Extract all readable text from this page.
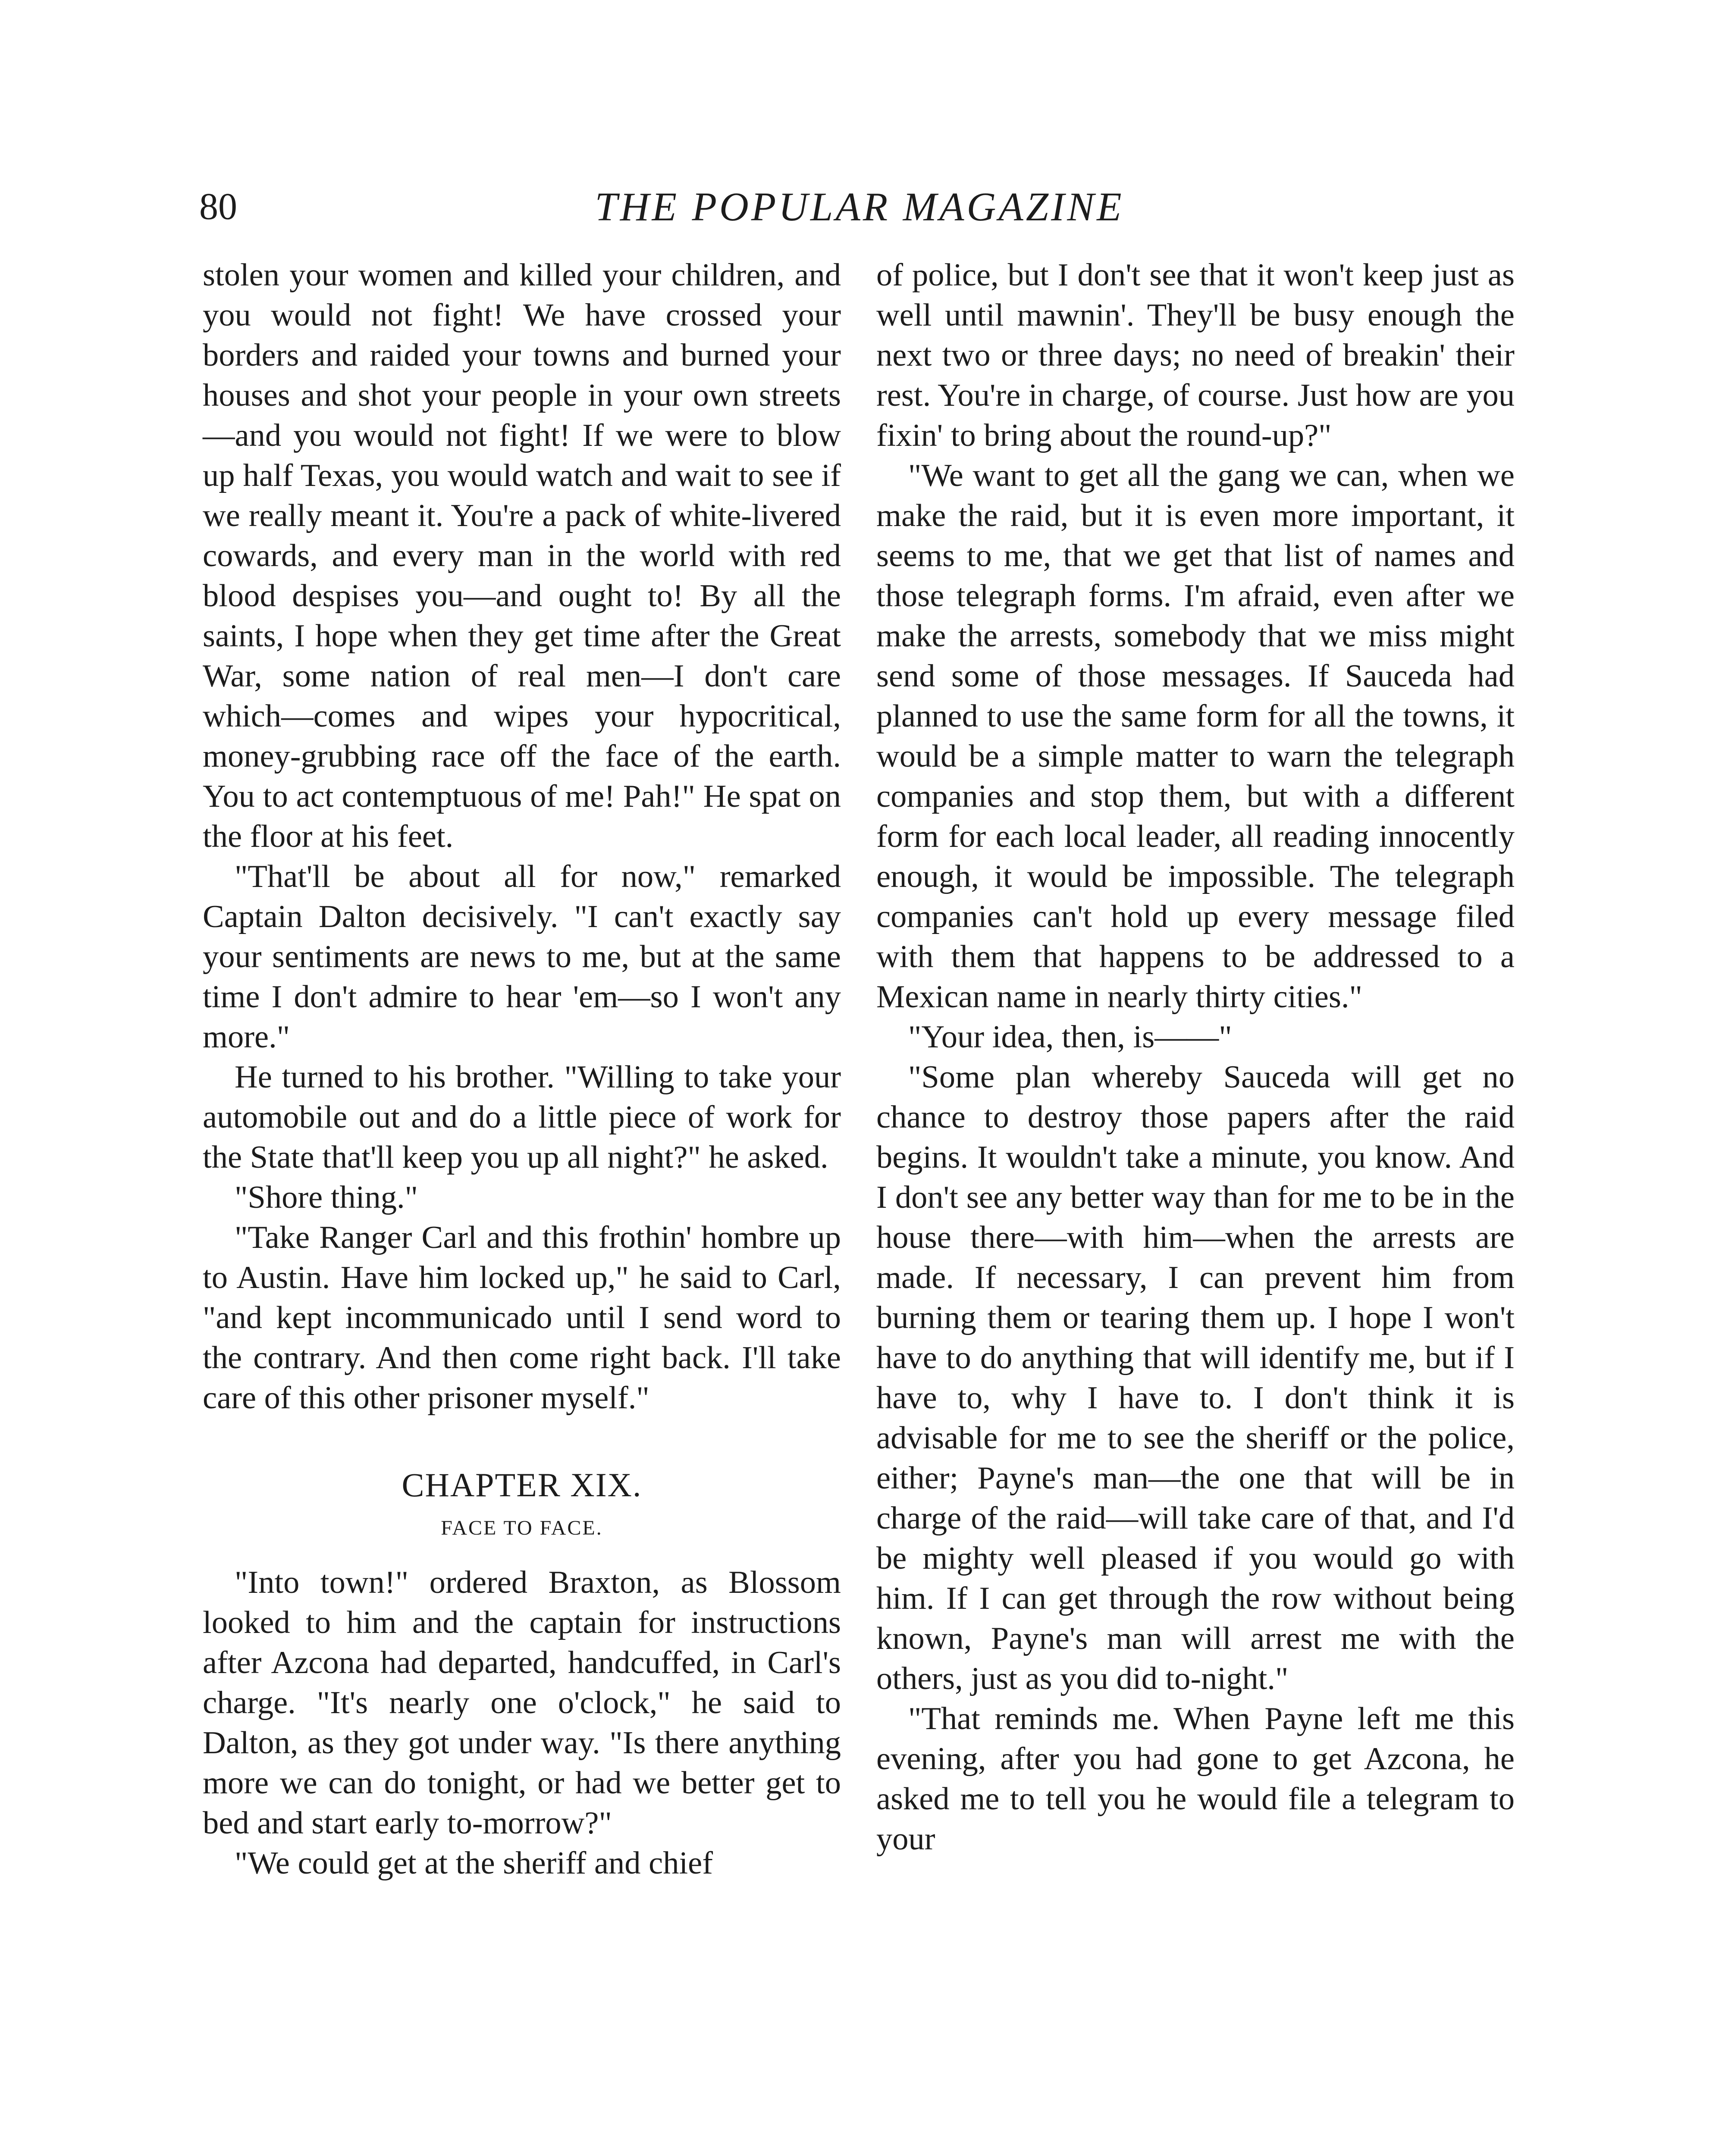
80	THE POPULAR MAGAZINE

stolen your women and killed your children, and you would not fight! We have crossed your borders and raided your towns and burned your houses and shot your people in your own streets—and you would not fight! If we were to blow up half Texas, you would watch and wait to see if we really meant it. You're a pack of white-livered cowards, and every man in the world with red blood despises you—and ought to! By all the saints, I hope when they get time after the Great War, some nation of real men—I don't care which—comes and wipes your hypocritical, money-grubbing race off the face of the earth. You to act contemptuous of me! Pah!" He spat on the floor at his feet.

"That'll be about all for now," remarked Captain Dalton decisively. "I can't exactly say your sentiments are news to me, but at the same time I don't admire to hear 'em—so I won't any more."

He turned to his brother. "Willing to take your automobile out and do a little piece of work for the State that'll keep you up all night?" he asked.

"Shore thing."

"Take Ranger Carl and this frothin' hombre up to Austin. Have him locked up," he said to Carl, "and kept incommunicado until I send word to the contrary. And then come right back. I'll take care of this other prisoner myself."

CHAPTER XIX.
FACE TO FACE.

"Into town!" ordered Braxton, as Blossom looked to him and the captain for instructions after Azcona had departed, handcuffed, in Carl's charge. "It's nearly one o'clock," he said to Dalton, as they got under way. "Is there anything more we can do tonight, or had we better get to bed and start early to-morrow?"

"We could get at the sheriff and chief

of police, but I don't see that it won't keep just as well until mawnin'. They'll be busy enough the next two or three days; no need of breakin' their rest. You're in charge, of course. Just how are you fixin' to bring about the round-up?"

"We want to get all the gang we can, when we make the raid, but it is even more important, it seems to me, that we get that list of names and those telegraph forms. I'm afraid, even after we make the arrests, somebody that we miss might send some of those messages. If Sauceda had planned to use the same form for all the towns, it would be a simple matter to warn the telegraph companies and stop them, but with a different form for each local leader, all reading innocently enough, it would be impossible. The telegraph companies can't hold up every message filed with them that happens to be addressed to a Mexican name in nearly thirty cities."

"Your idea, then, is——"

"Some plan whereby Sauceda will get no chance to destroy those papers after the raid begins. It wouldn't take a minute, you know. And I don't see any better way than for me to be in the house there—with him—when the arrests are made. If necessary, I can prevent him from burning them or tearing them up. I hope I won't have to do anything that will identify me, but if I have to, why I have to. I don't think it is advisable for me to see the sheriff or the police, either; Payne's man—the one that will be in charge of the raid—will take care of that, and I'd be mighty well pleased if you would go with him. If I can get through the row without being known, Payne's man will arrest me with the others, just as you did to-night."

"That reminds me. When Payne left me this evening, after you had gone to get Azcona, he asked me to tell you he would file a telegram to your
